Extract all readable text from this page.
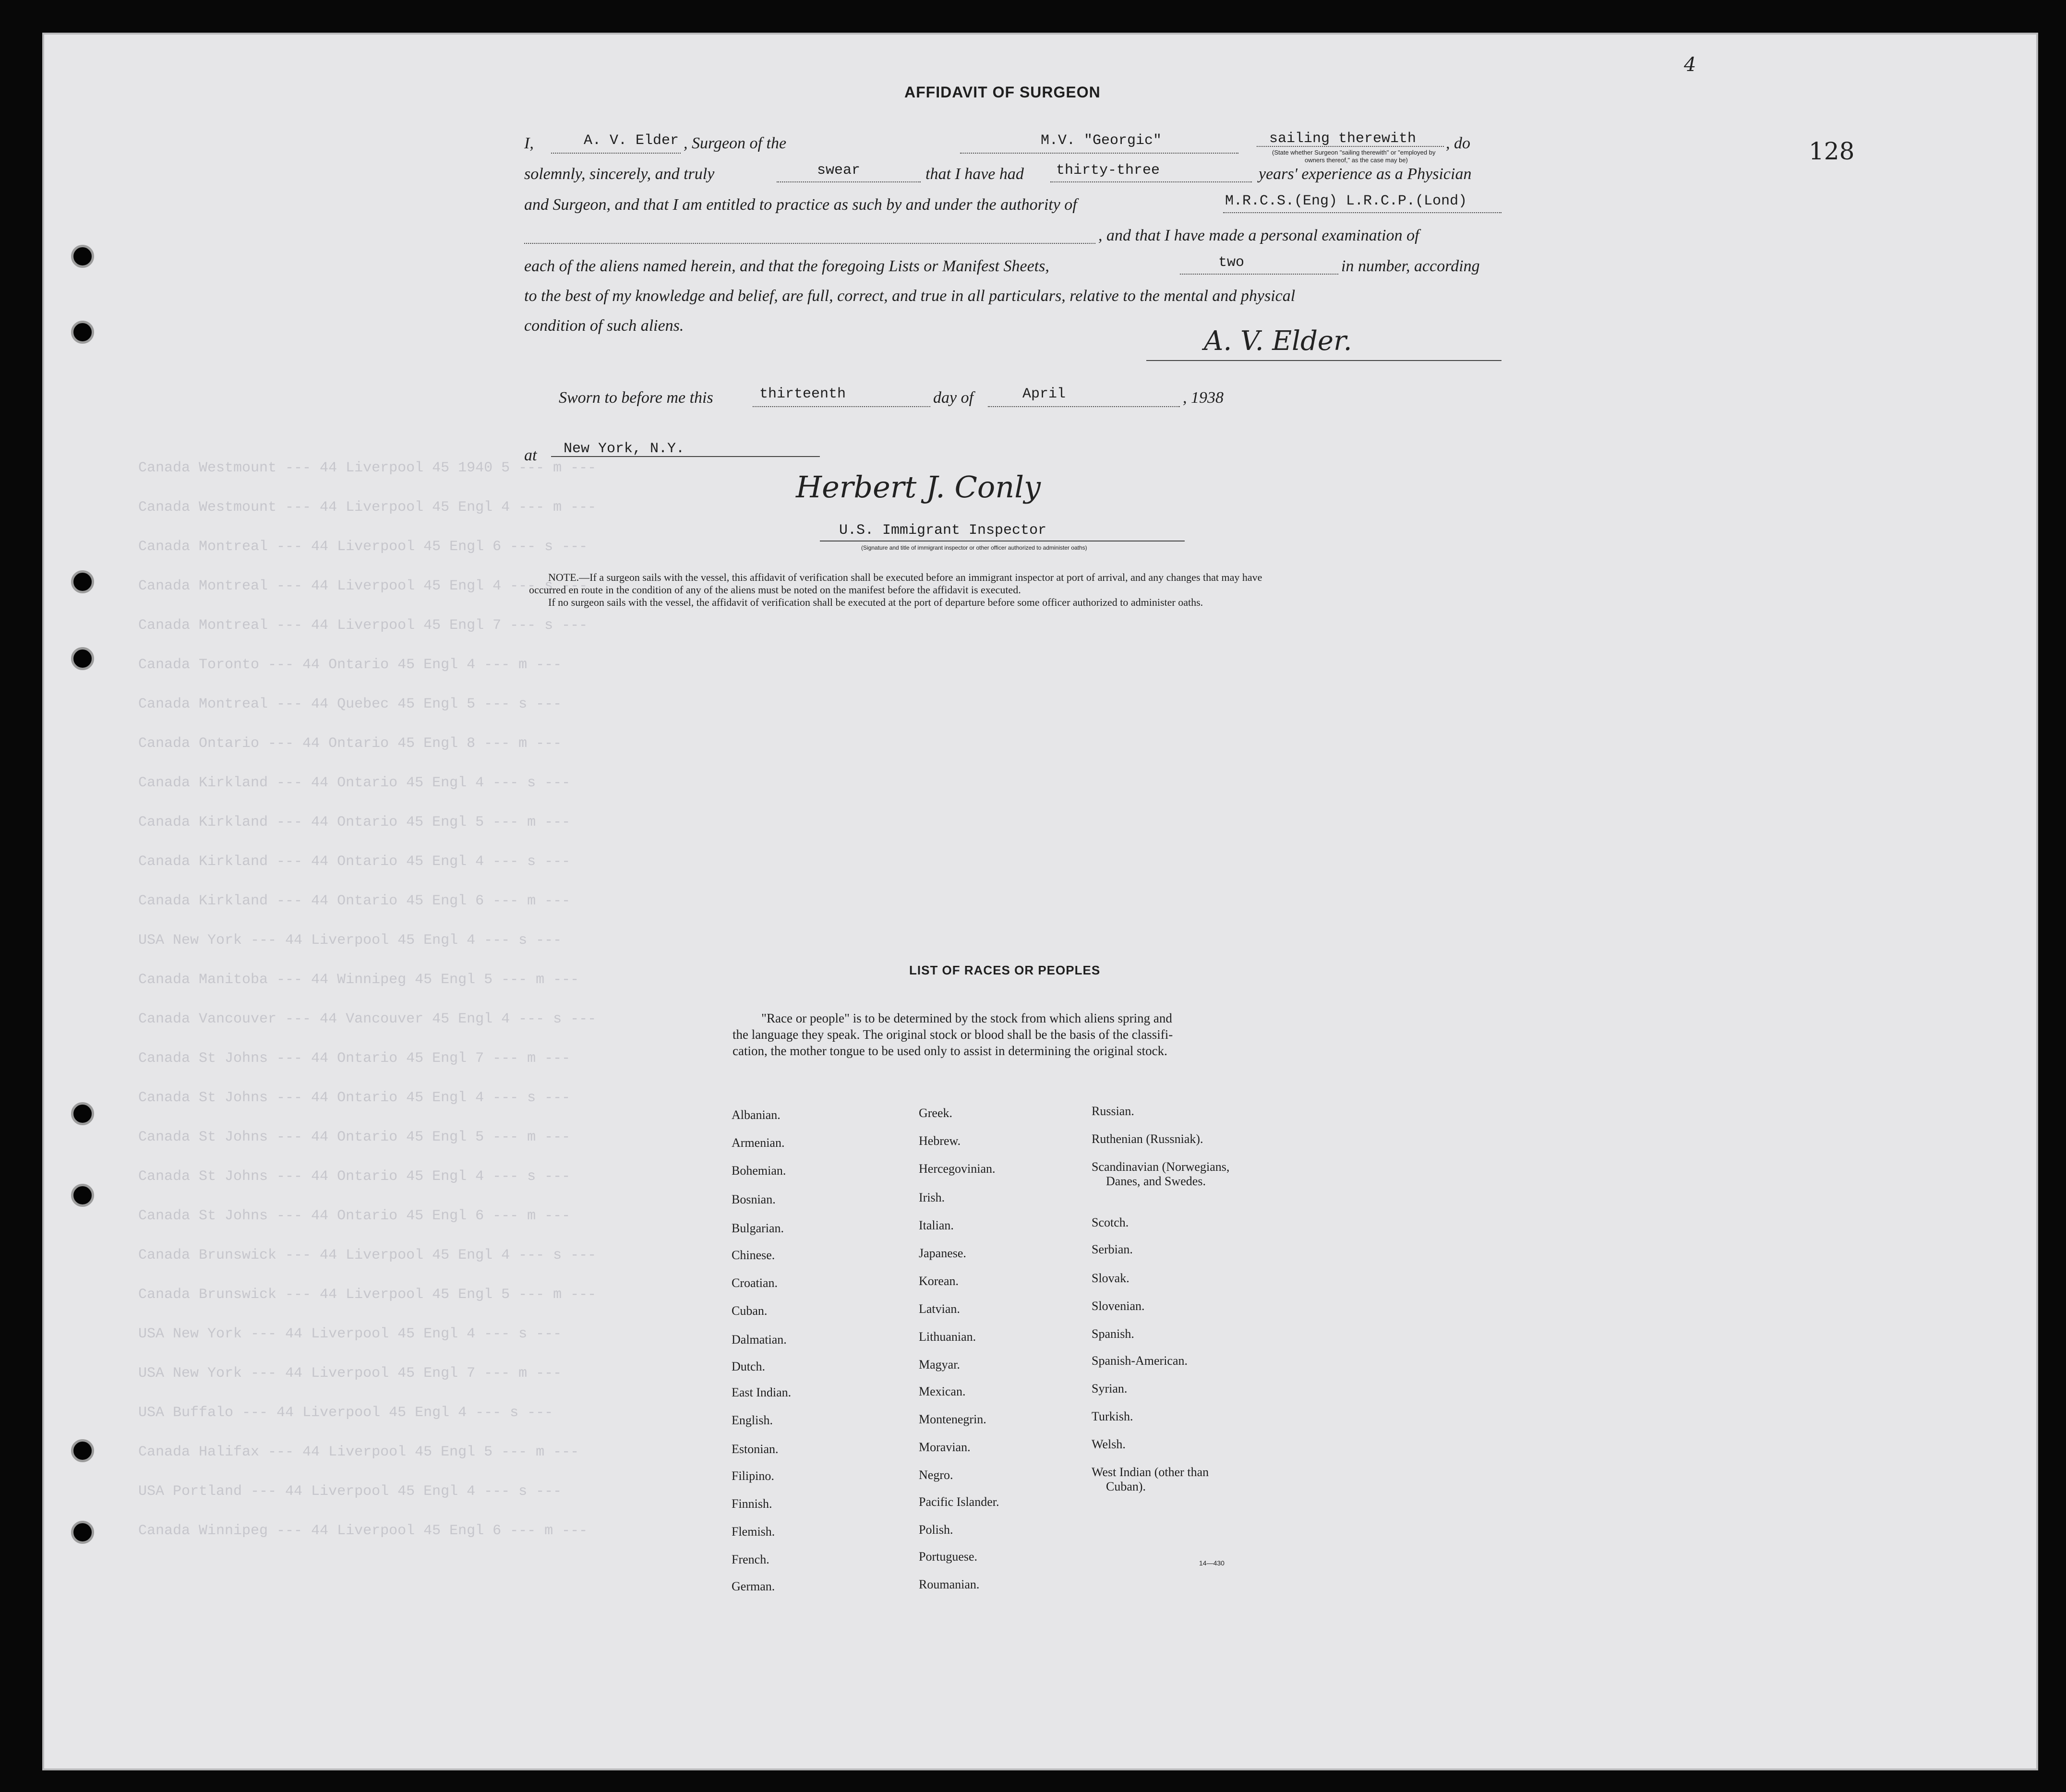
Canada Westmount --- 44 Liverpool 45 1940 5 --- m ---
Canada Westmount --- 44 Liverpool 45 Engl 4 --- m ---
Canada Montreal --- 44 Liverpool 45 Engl 6 --- s ---
Canada Montreal --- 44 Liverpool 45 Engl 4 --- s ---
Canada Montreal --- 44 Liverpool 45 Engl 7 --- s ---
Canada Toronto --- 44 Ontario 45 Engl 4 --- m ---
Canada Montreal --- 44 Quebec 45 Engl 5 --- s ---
Canada Ontario --- 44 Ontario 45 Engl 8 --- m ---
Canada Kirkland --- 44 Ontario 45 Engl 4 --- s ---
Canada Kirkland --- 44 Ontario 45 Engl 5 --- m ---
Canada Kirkland --- 44 Ontario 45 Engl 4 --- s ---
Canada Kirkland --- 44 Ontario 45 Engl 6 --- m ---
USA New York --- 44 Liverpool 45 Engl 4 --- s ---
Canada Manitoba --- 44 Winnipeg 45 Engl 5 --- m ---
Canada Vancouver --- 44 Vancouver 45 Engl 4 --- s ---
Canada St Johns --- 44 Ontario 45 Engl 7 --- m ---
Canada St Johns --- 44 Ontario 45 Engl 4 --- s ---
Canada St Johns --- 44 Ontario 45 Engl 5 --- m ---
Canada St Johns --- 44 Ontario 45 Engl 4 --- s ---
Canada St Johns --- 44 Ontario 45 Engl 6 --- m ---
Canada Brunswick --- 44 Liverpool 45 Engl 4 --- s ---
Canada Brunswick --- 44 Liverpool 45 Engl 5 --- m ---
USA New York --- 44 Liverpool 45 Engl 4 --- s ---
USA New York --- 44 Liverpool 45 Engl 7 --- m ---
USA Buffalo --- 44 Liverpool 45 Engl 4 --- s ---
Canada Halifax --- 44 Liverpool 45 Engl 5 --- m ---
USA Portland --- 44 Liverpool 45 Engl 4 --- s ---
Canada Winnipeg --- 44 Liverpool 45 Engl 6 --- m ---
128
4
AFFIDAVIT OF SURGEON
I,	A. V. Elder , Surgeon of the	M.V. "Georgic"	sailing therewith , do
(State whether Surgeon "sailing therewith" or "employed by
owners thereof," as the case may be)
solemnly, sincerely, and truly	swear	that I have had thirty-three	years' experience as a Physician
and Surgeon, and that I am entitled to practice as such by and under the authority of	M.R.C.S.(Eng) L.R.C.P.(Lond)
, and that I have made a personal examination of
each of the aliens named herein, and that the foregoing Lists or Manifest Sheets,	two	in number, according
to the best of my knowledge and belief, are full, correct, and true in all particulars, relative to the mental and physical
condition of such aliens.	A. V. Elder.
Sworn to before me this	thirteenth	day of	April	, 1938
at New York, N.Y.
Herbert J. Conly
U.S. Immigrant Inspector
(Signature and title of immigrant inspector or other officer authorized to administer oaths)
NOTE.—If a surgeon sails with the vessel, this affidavit of verification shall be executed before an immigrant inspector at port of arrival, and any changes that may have
occurred en route in the condition of any of the aliens must be noted on the manifest before the affidavit is executed.
If no surgeon sails with the vessel, the affidavit of verification shall be executed at the port of departure before some officer authorized to administer oaths.
LIST OF RACES OR PEOPLES
"Race or people" is to be determined by the stock from which aliens spring and
the language they speak. The original stock or blood shall be the basis of the classifi-
cation, the mother tongue to be used only to assist in determining the original stock.
Albanian.
Armenian.
Bohemian.
Bosnian.
Bulgarian.
Chinese.
Croatian.
Cuban.
Dalmatian.
Dutch.
East Indian.
English.
Estonian.
Filipino.
Finnish.
Flemish.
French.
German.
Greek.
Hebrew.
Hercegovinian.
Irish.
Italian.
Japanese.
Korean.
Latvian.
Lithuanian.
Magyar.
Mexican.
Montenegrin.
Moravian.
Negro.
Pacific Islander.
Polish.
Portuguese.
Roumanian.
Russian.
Ruthenian (Russniak).
Scandinavian (Norwegians,
Danes, and Swedes.
Scotch.
Serbian.
Slovak.
Slovenian.
Spanish.
Spanish-American.
Syrian.
Turkish.
Welsh.
West Indian (other than
Cuban).
14—430
